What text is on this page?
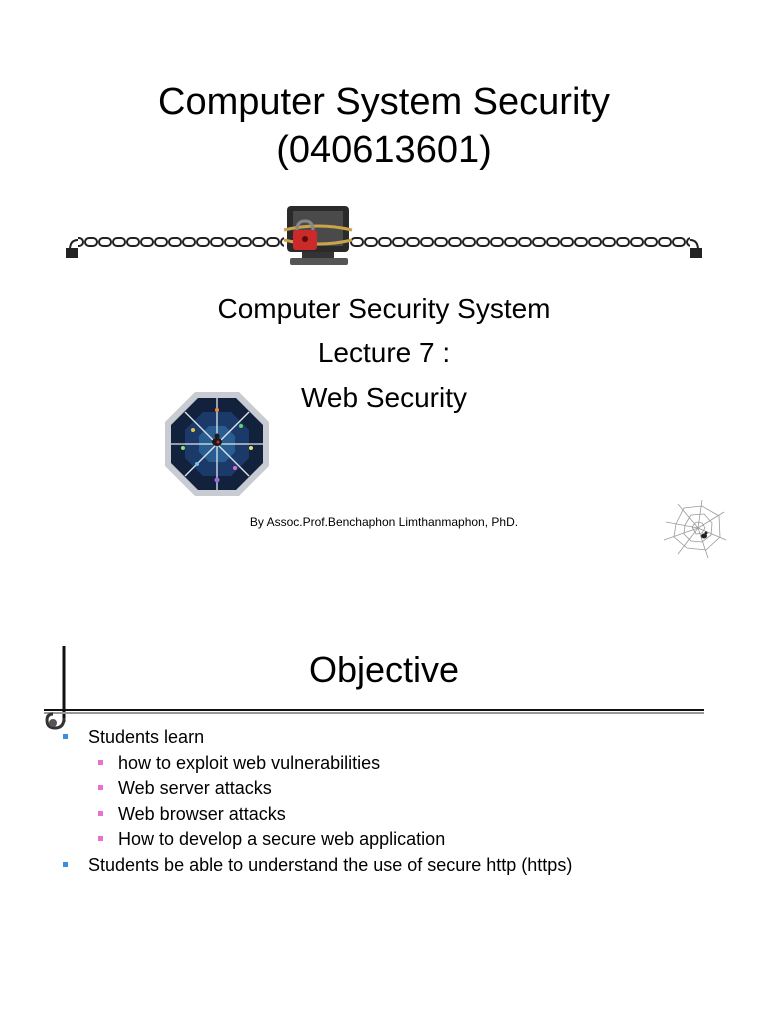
Computer System Security
(040613601)
Computer Security System
Lecture 7 :
Web Security
By Assoc.Prof.Benchaphon Limthanmaphon, PhD.
Objective
Students learn
how to exploit web vulnerabilities
Web server attacks
Web browser attacks
How to develop a secure web application
Students be able to understand the use of secure http (https)
